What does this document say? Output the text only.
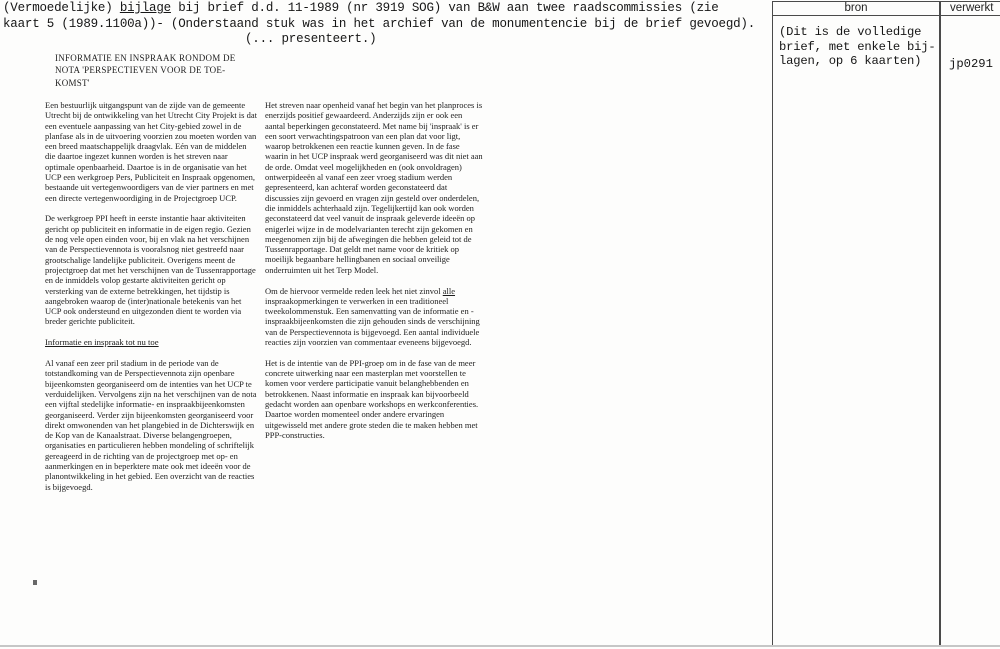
(Vermoedelijke) bijlage bij brief d.d. 11-1989 (nr 3919 SOG) van B&W aan twee raadscommissies (zie
kaart 5 (1989.1100a))- (Onderstaand stuk was in het archief van de monumentencie bij de brief gevoegd).
(... presenteert.)
bron	verwerkt
(Dit is de volledige
brief, met enkele bij-
lagen, op 6 kaarten)	jp0291
INFORMATIE EN INSPRAAK RONDOM DE
NOTA 'PERSPECTIEVEN VOOR DE TOE-
KOMST'

Een bestuurlijk uitgangspunt van de zijde van de gemeente Utrecht bij de ontwikkeling van het Utrecht City Projekt is dat een eventuele aanpassing van het City-gebied zowel in de planfase als in de uitvoering voorzien zou moeten worden van een breed maatschappelijk draagvlak. Eén van de middelen die daartoe ingezet kunnen worden is het streven naar optimale openbaarheid. Daartoe is in de organisatie van het UCP een werkgroep Pers, Publiciteit en Inspraak opgenomen, bestaande uit vertegenwoordigers van de vier partners en met een directe vertegenwoordiging in de Projectgroep UCP.

De werkgroep PPI heeft in eerste instantie haar aktiviteiten gericht op publiciteit en informatie in de eigen regio. Gezien de nog vele open einden voor, bij en vlak na het verschijnen van de Perspectievennota is vooralsnog niet gestreefd naar grootschalige landelijke publiciteit. Overigens meent de projectgroep dat met het verschijnen van de Tussenrapportage en de inmiddels volop gestarte aktiviteiten gericht op versterking van de externe betrekkingen, het tijdstip is aangebroken waarop de (inter)nationale betekenis van het UCP ook ondersteund en uitgezonden dient te worden via breder gerichte publiciteit.

Informatie en inspraak tot nu toe

Al vanaf een zeer pril stadium in de periode van de totstandkoming van de Perspectievennota zijn openbare bijeenkomsten georganiseerd om de intenties van het UCP te verduidelijken. Vervolgens zijn na het verschijnen van de nota een vijftal stedelijke informatie- en inspraakbijeenkomsten georganiseerd. Verder zijn bijeenkomsten georganiseerd voor direkt omwonenden van het plangebied in de Dichterswijk en de Kop van de Kanaalstraat. Diverse belangengroepen, organisaties en particulieren hebben mondeling of schriftelijk gereageerd in de richting van de projectgroep met op- en aanmerkingen en in beperktere mate ook met ideeën voor de planontwikkeling in het gebied. Een overzicht van de reacties is bijgevoegd.

Het streven naar openheid vanaf het begin van het planproces is enerzijds positief gewaardeerd. Anderzijds zijn er ook een aantal beperkingen geconstateerd. Met name bij 'inspraak' is er een soort verwachtingspatroon van een plan dat voor ligt, waarop betrokkenen een reactie kunnen geven. In de fase waarin in het UCP inspraak werd georganiseerd was dit niet aan de orde. Omdat veel mogelijkheden en (ook onvoldragen) ontwerpideeën al vanaf een zeer vroeg stadium werden gepresenteerd, kan achteraf worden geconstateerd dat discussies zijn gevoerd en vragen zijn gesteld over onderdelen, die inmiddels achterhaald zijn. Tegelijkertijd kan ook worden geconstateerd dat veel vanuit de inspraak geleverde ideeën op enigerlei wijze in de modelvarianten terecht zijn gekomen en meegenomen zijn bij de afwegingen die hebben geleid tot de Tussenrapportage. Dat geldt met name voor de kritiek op moeilijk begaanbare hellingbanen en sociaal onveilige onderruimten uit het Terp Model.

Om de hiervoor vermelde reden leek het niet zinvol alle inspraakopmerkingen te verwerken in een traditioneel tweekolommenstuk. Een samenvatting van de informatie en -inspraakbijeenkomsten die zijn gehouden sinds de verschijning van de Perspectievennota is bijgevoegd. Een aantal individuele reacties zijn voorzien van commentaar eveneens bijgevoegd.

Het is de intentie van de PPI-groep om in de fase van de meer concrete uitwerking naar een masterplan met voorstellen te komen voor verdere participatie vanuit belanghebbenden en betrokkenen. Naast informatie en inspraak kan bijvoorbeeld gedacht worden aan openbare workshops en werkconferenties. Daartoe worden momenteel onder andere ervaringen uitgewisseld met andere grote steden die te maken hebben met PPP-constructies.
